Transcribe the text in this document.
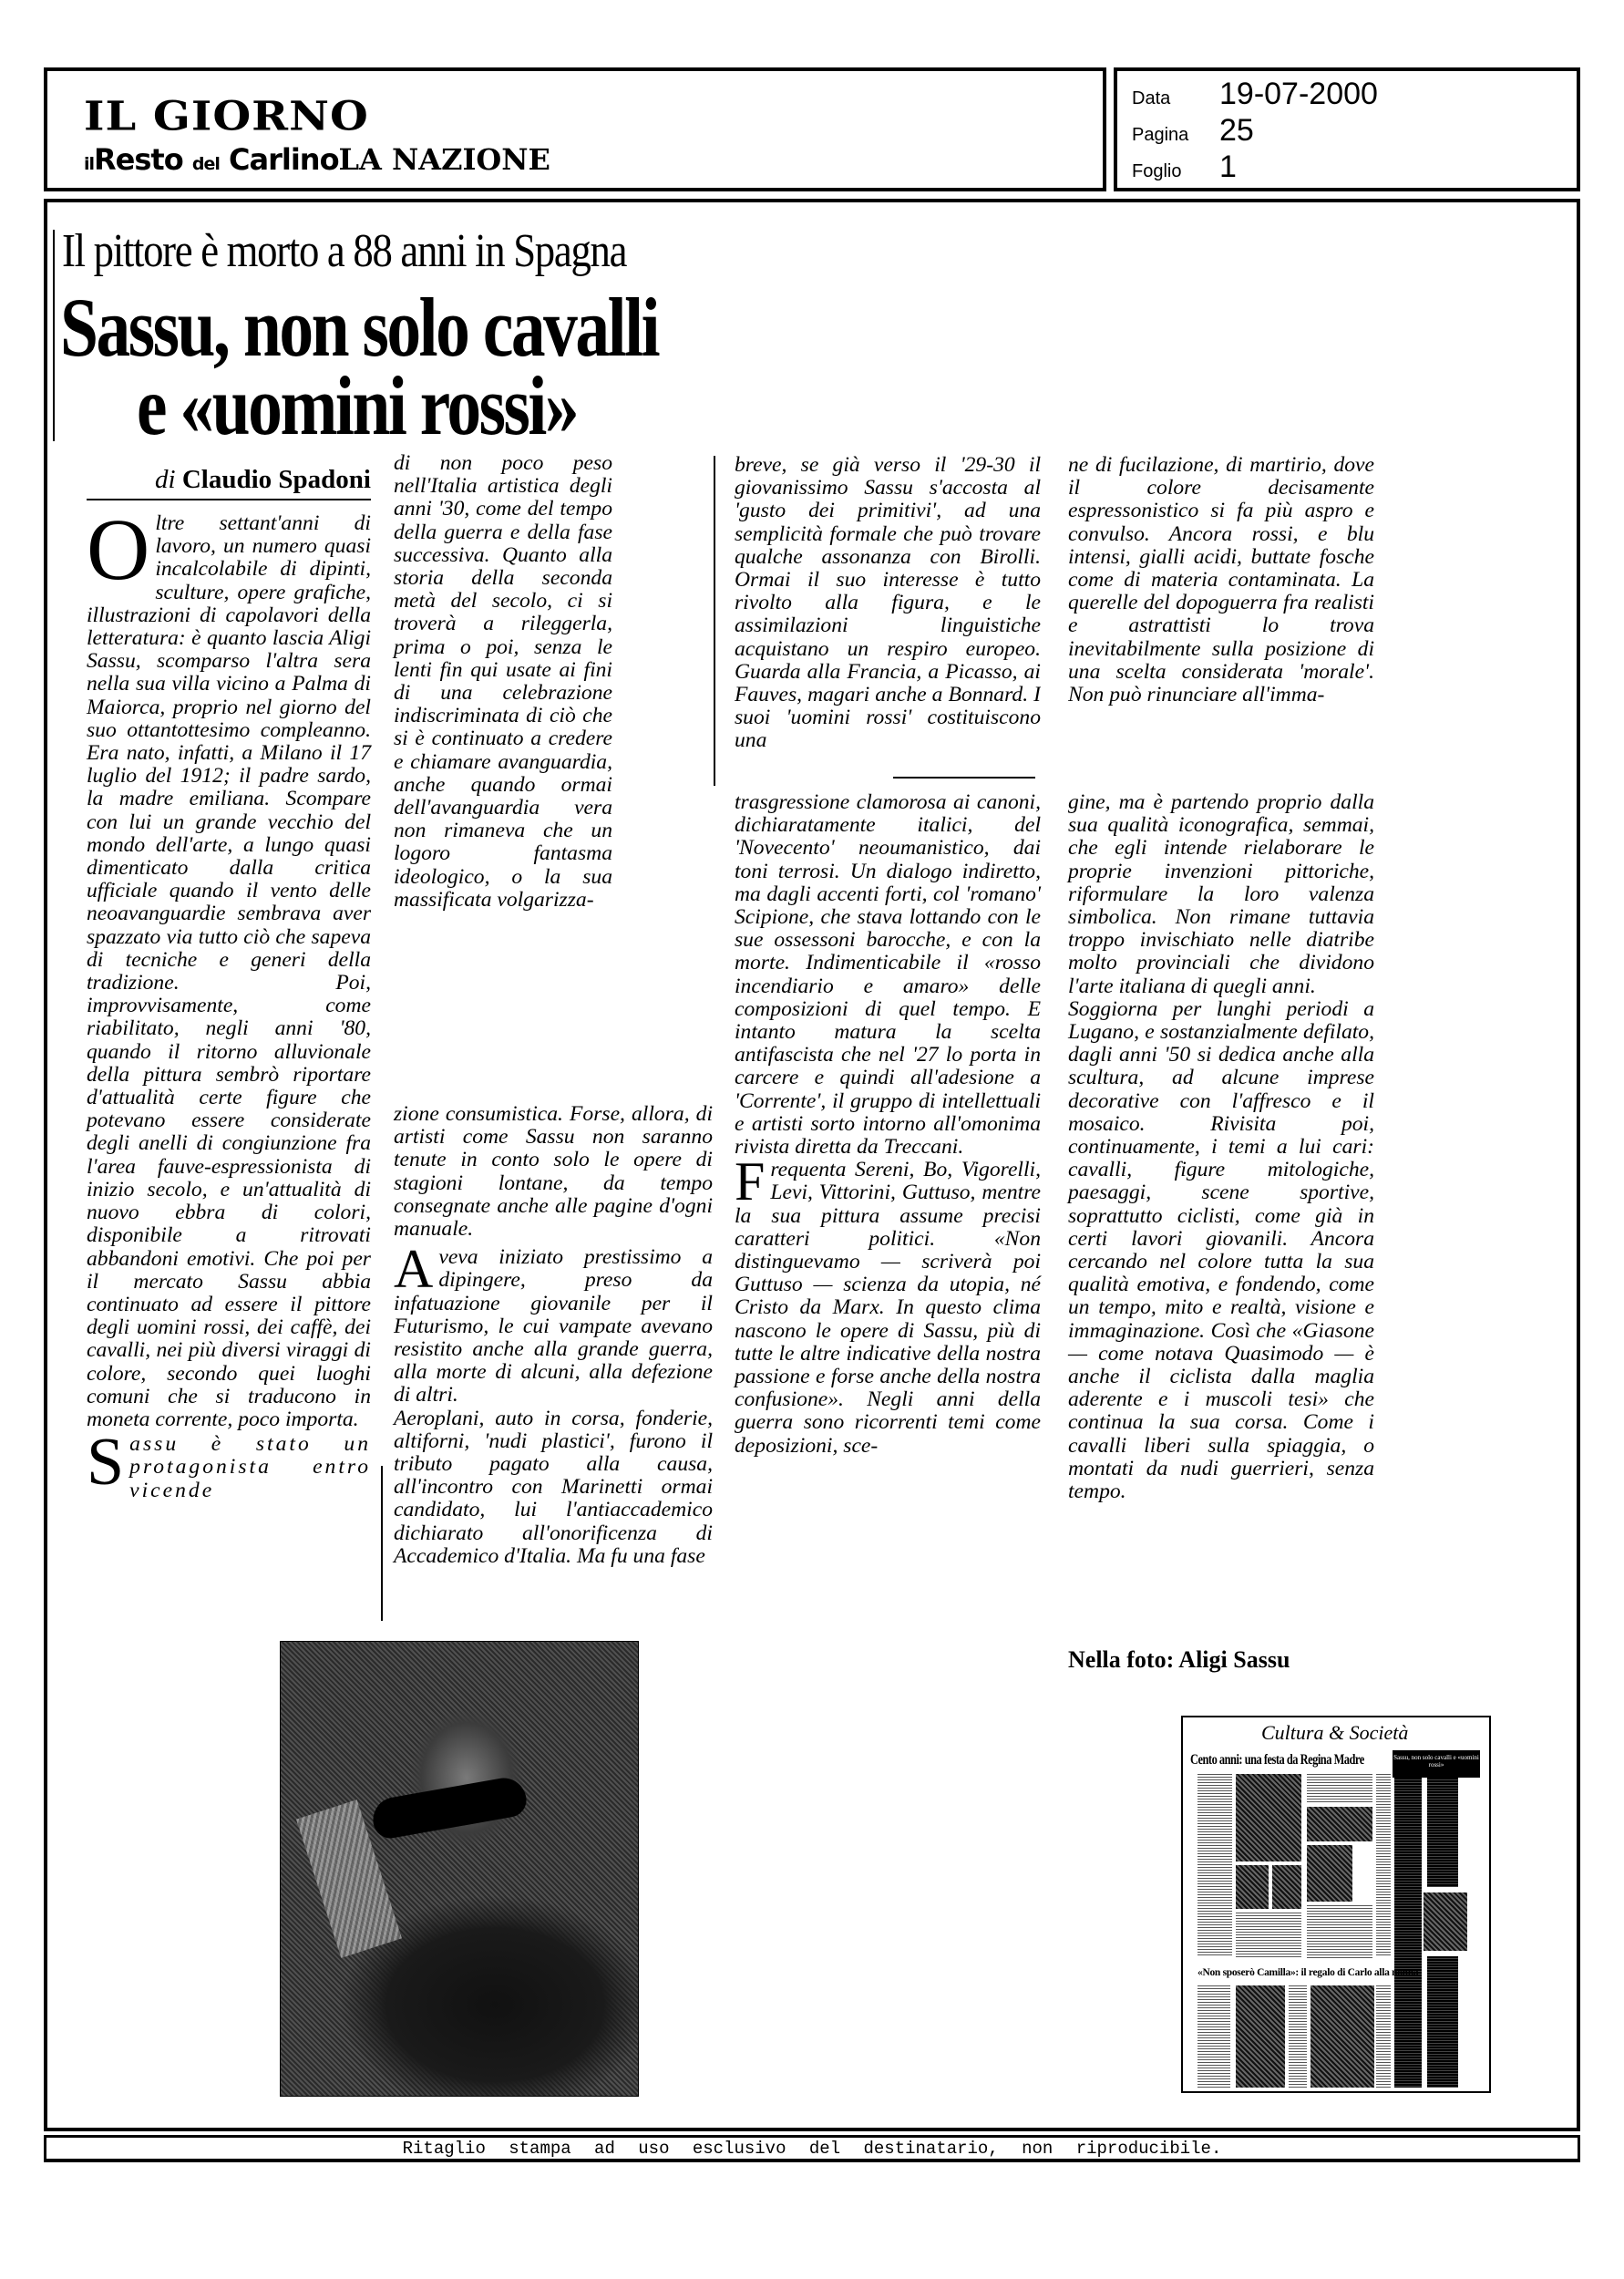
IL GIORNO
ilResto del CarlinoLA NAZIONE
Data	19-07-2000
Pagina 25
Foglio	1
Il pittore è morto a 88 anni in Spagna
Sassu, non solo cavalli
e «uomini rossi»
di Claudio Spadoni

Oltre settant'anni di lavoro, un numero quasi incalcolabile di dipinti, sculture, opere grafiche, illustrazioni di capolavori della letteratura: è quanto lascia Aligi Sassu, scomparso l'altra sera nella sua villa vicino a Palma di Maiorca, proprio nel giorno del suo ottantottesimo compleanno. Era nato, infatti, a Milano il 17 luglio del 1912; il padre sardo, la madre emiliana. Scompare con lui un grande vecchio del mondo dell'arte, a lungo quasi dimenticato dalla critica ufficiale quando il vento delle neoavanguardie sembrava aver spazzato via tutto ciò che sapeva di tecniche e generi della tradizione. Poi, improvvisamente, come riabilitato, negli anni '80, quando il ritorno alluvionale della pittura sembrò riportare d'attualità certe figure che potevano essere considerate degli anelli di congiunzione fra l'area fauve-espressionista di inizio secolo, e un'attualità di nuovo ebbra di colori, disponibile a ritrovati abbandoni emotivi. Che poi per il mercato Sassu abbia continuato ad essere il pittore degli uomini rossi, dei caffè, dei cavalli, nei più diversi viraggi di colore, secondo quei luoghi comuni che si traducono in moneta corrente, poco importa.

Sassu è stato un protagonista entro vicende

di non poco peso nell'Italia artistica degli anni '30, come del tempo della guerra e della fase successiva. Quanto alla storia della seconda metà del secolo, ci si troverà a rileggerla, prima o poi, senza le lenti fin qui usate ai fini di una celebrazione indiscriminata di ciò che si è continuato a credere e chiamare avanguardia, anche quando ormai dell'avanguardia vera non rimaneva che un logoro fantasma ideologico, o la sua massificata volgarizza-

zione consumistica. Forse, allora, di artisti come Sassu non saranno tenute in conto solo le opere di stagioni lontane, da tempo consegnate anche alle pagine d'ogni manuale.

Aveva iniziato prestissimo a dipingere, preso da infatuazione giovanile per il Futurismo, le cui vampate avevano resistito anche alla grande guerra, alla morte di alcuni, alla defezione di altri.

Aeroplani, auto in corsa, fonderie, altiforni, 'nudi plastici', furono il tributo pagato alla causa, all'incontro con Marinetti ormai candidato, lui l'antiaccademico dichiarato all'onorificenza di Accademico d'Italia. Ma fu una fase

breve, se già verso il '29-30 il giovanissimo Sassu s'accosta al 'gusto dei primitivi', ad una semplicità formale che può trovare qualche assonanza con Birolli. Ormai il suo interesse è tutto rivolto alla figura, e le assimilazioni linguistiche acquistano un respiro europeo. Guarda alla Francia, a Picasso, ai Fauves, magari anche a Bonnard. I suoi 'uomini rossi' costituiscono una

trasgressione clamorosa ai canoni, dichiaratamente italici, del 'Novecento' neoumanistico, dai toni terrosi. Un dialogo indiretto, ma dagli accenti forti, col 'romano' Scipione, che stava lottando con le sue ossessoni barocche, e con la morte. Indimenticabile il «rosso incendiario e amaro» delle composizioni di quel tempo. E intanto matura la scelta antifascista che nel '27 lo porta in carcere e quindi all'adesione a 'Corrente', il gruppo di intellettuali e artisti sorto intorno all'omonima rivista diretta da Treccani.

Frequenta Sereni, Bo, Vigorelli, Levi, Vittorini, Guttuso, mentre la sua pittura assume precisi caratteri politici. «Non distinguevamo — scriverà poi Guttuso — scienza da utopia, né Cristo da Marx. In questo clima nascono le opere di Sassu, più di tutte le altre indicative della nostra passione e forse anche della nostra confusione». Negli anni della guerra sono ricorrenti temi come deposizioni, sce-

ne di fucilazione, di martirio, dove il colore decisamente espressonistico si fa più aspro e convulso. Ancora rossi, e blu intensi, gialli acidi, buttate fosche come di materia contaminata. La querelle del dopoguerra fra realisti e astrattisti lo trova inevitabilmente sulla posizione di una scelta considerata 'morale'. Non può rinunciare all'imma-

gine, ma è partendo proprio dalla sua qualità iconografica, semmai, che egli intende rielaborare le proprie invenzioni pittoriche, riformulare la loro valenza simbolica. Non rimane tuttavia troppo invischiato nelle diatribe molto provinciali che dividono l'arte italiana di quegli anni.

Soggiorna per lunghi periodi a Lugano, e sostanzialmente defilato, dagli anni '50 si dedica anche alla scultura, ad alcune imprese decorative con l'affresco e il mosaico. Rivisita poi, continuamente, i temi a lui cari: cavalli, figure mitologiche, paesaggi, scene sportive, soprattutto ciclisti, come già in certi lavori giovanili. Ancora cercando nel colore tutta la sua qualità emotiva, e fondendo, come un tempo, mito e realtà, visione e immaginazione. Così che «Giasone — come notava Quasimodo — è anche il ciclista dalla maglia aderente e i muscoli tesi» che continua la sua corsa. Come i cavalli liberi sulla spiaggia, o montati da nudi guerrieri, senza tempo.

Nella foto: Aligi Sassu
Cultura & Società
Sassu, non solo cavalli e «uomini rossi»
Cento anni: una festa da Regina Madre
«Non sposerò Camilla»: il regalo di Carlo alla nonna
Ritaglio stampa ad uso esclusivo del destinatario, non riproducibile.
